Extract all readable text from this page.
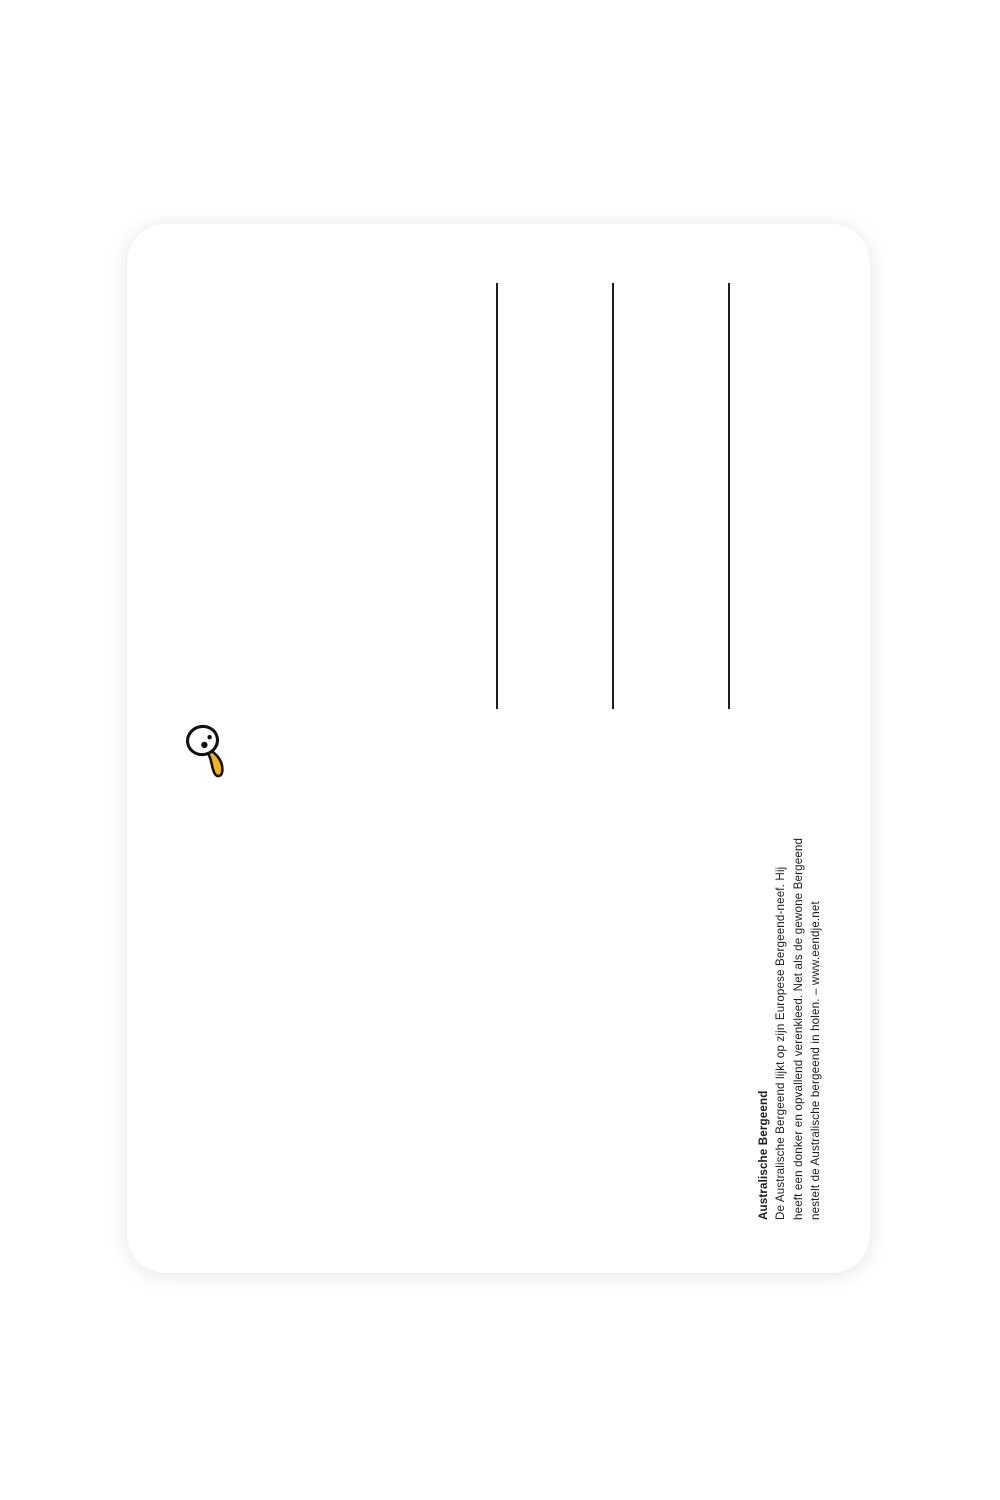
Australische Bergeend De Australische Bergeend lijkt op zijn Europese Bergeend-neef. Hij heeft een donker en opvallend verenkleed. Net als de gewone Bergeend nestelt de Australische bergeend in holen. – www.eendje.net
